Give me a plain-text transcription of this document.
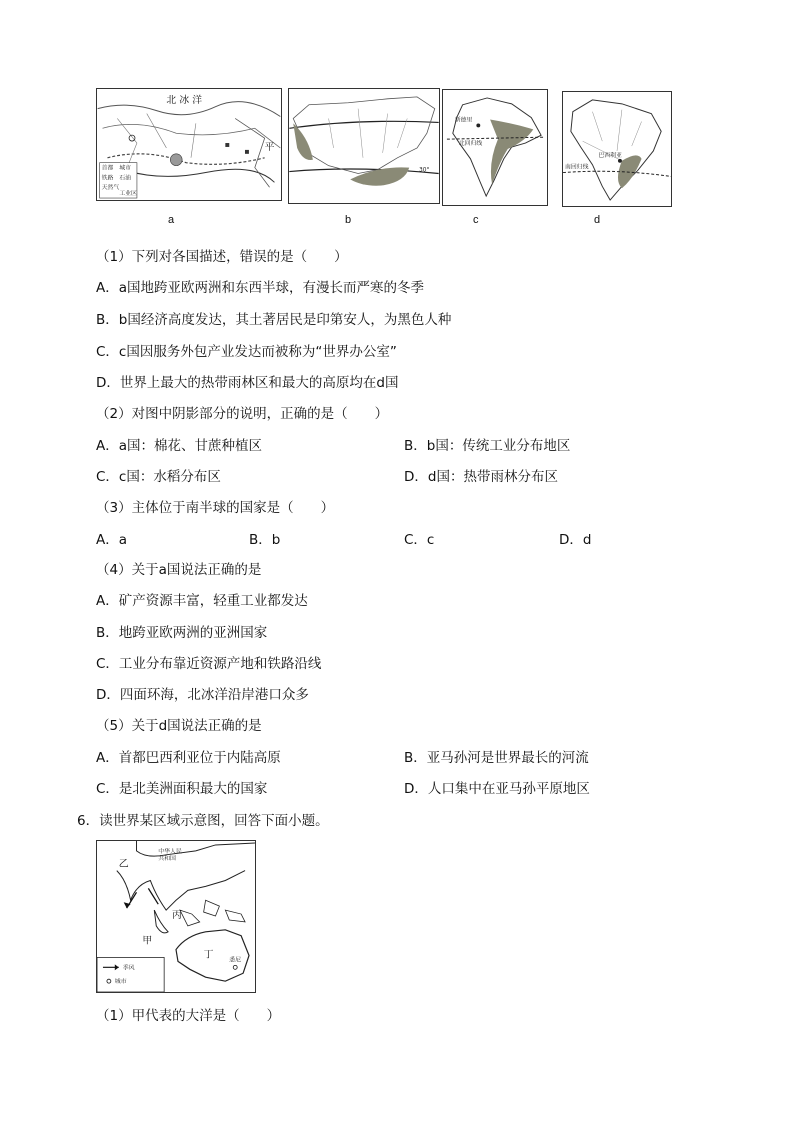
北 冰 洋
平
首都 城市
铁路 石油
天然气
工业区
a
30°
b
新德里
北回归线
c
巴西利亚
南回归线
d
（1）下列对各国描述，错误的是（　　）
A．a国地跨亚欧两洲和东西半球，有漫长而严寒的冬季
B．b国经济高度发达，其土著居民是印第安人，为黑色人种
C．c国因服务外包产业发达而被称为“世界办公室”
D．世界上最大的热带雨林区和最大的高原均在d国
（2）对图中阴影部分的说明，正确的是（　　）
A．a国：棉花、甘蔗种植区	B．b国：传统工业分布地区
C．c国：水稻分布区	D．d国：热带雨林分布区
（3）主体位于南半球的国家是（　　）
A．a	B．b	C．c	D．d
（4）关于a国说法正确的是
A．矿产资源丰富，轻重工业都发达
B．地跨亚欧两洲的亚洲国家
C．工业分布靠近资源产地和铁路沿线
D．四面环海，北冰洋沿岸港口众多
（5）关于d国说法正确的是
A．首都巴西利亚位于内陆高原	B．亚马孙河是世界最长的河流
C．是北美洲面积最大的国家	D．人口集中在亚马孙平原地区
6．读世界某区域示意图，回答下面小题。
中华人民共和国
乙
丙
甲
丁	悉尼
季风
城市
（1）甲代表的大洋是（　　）
